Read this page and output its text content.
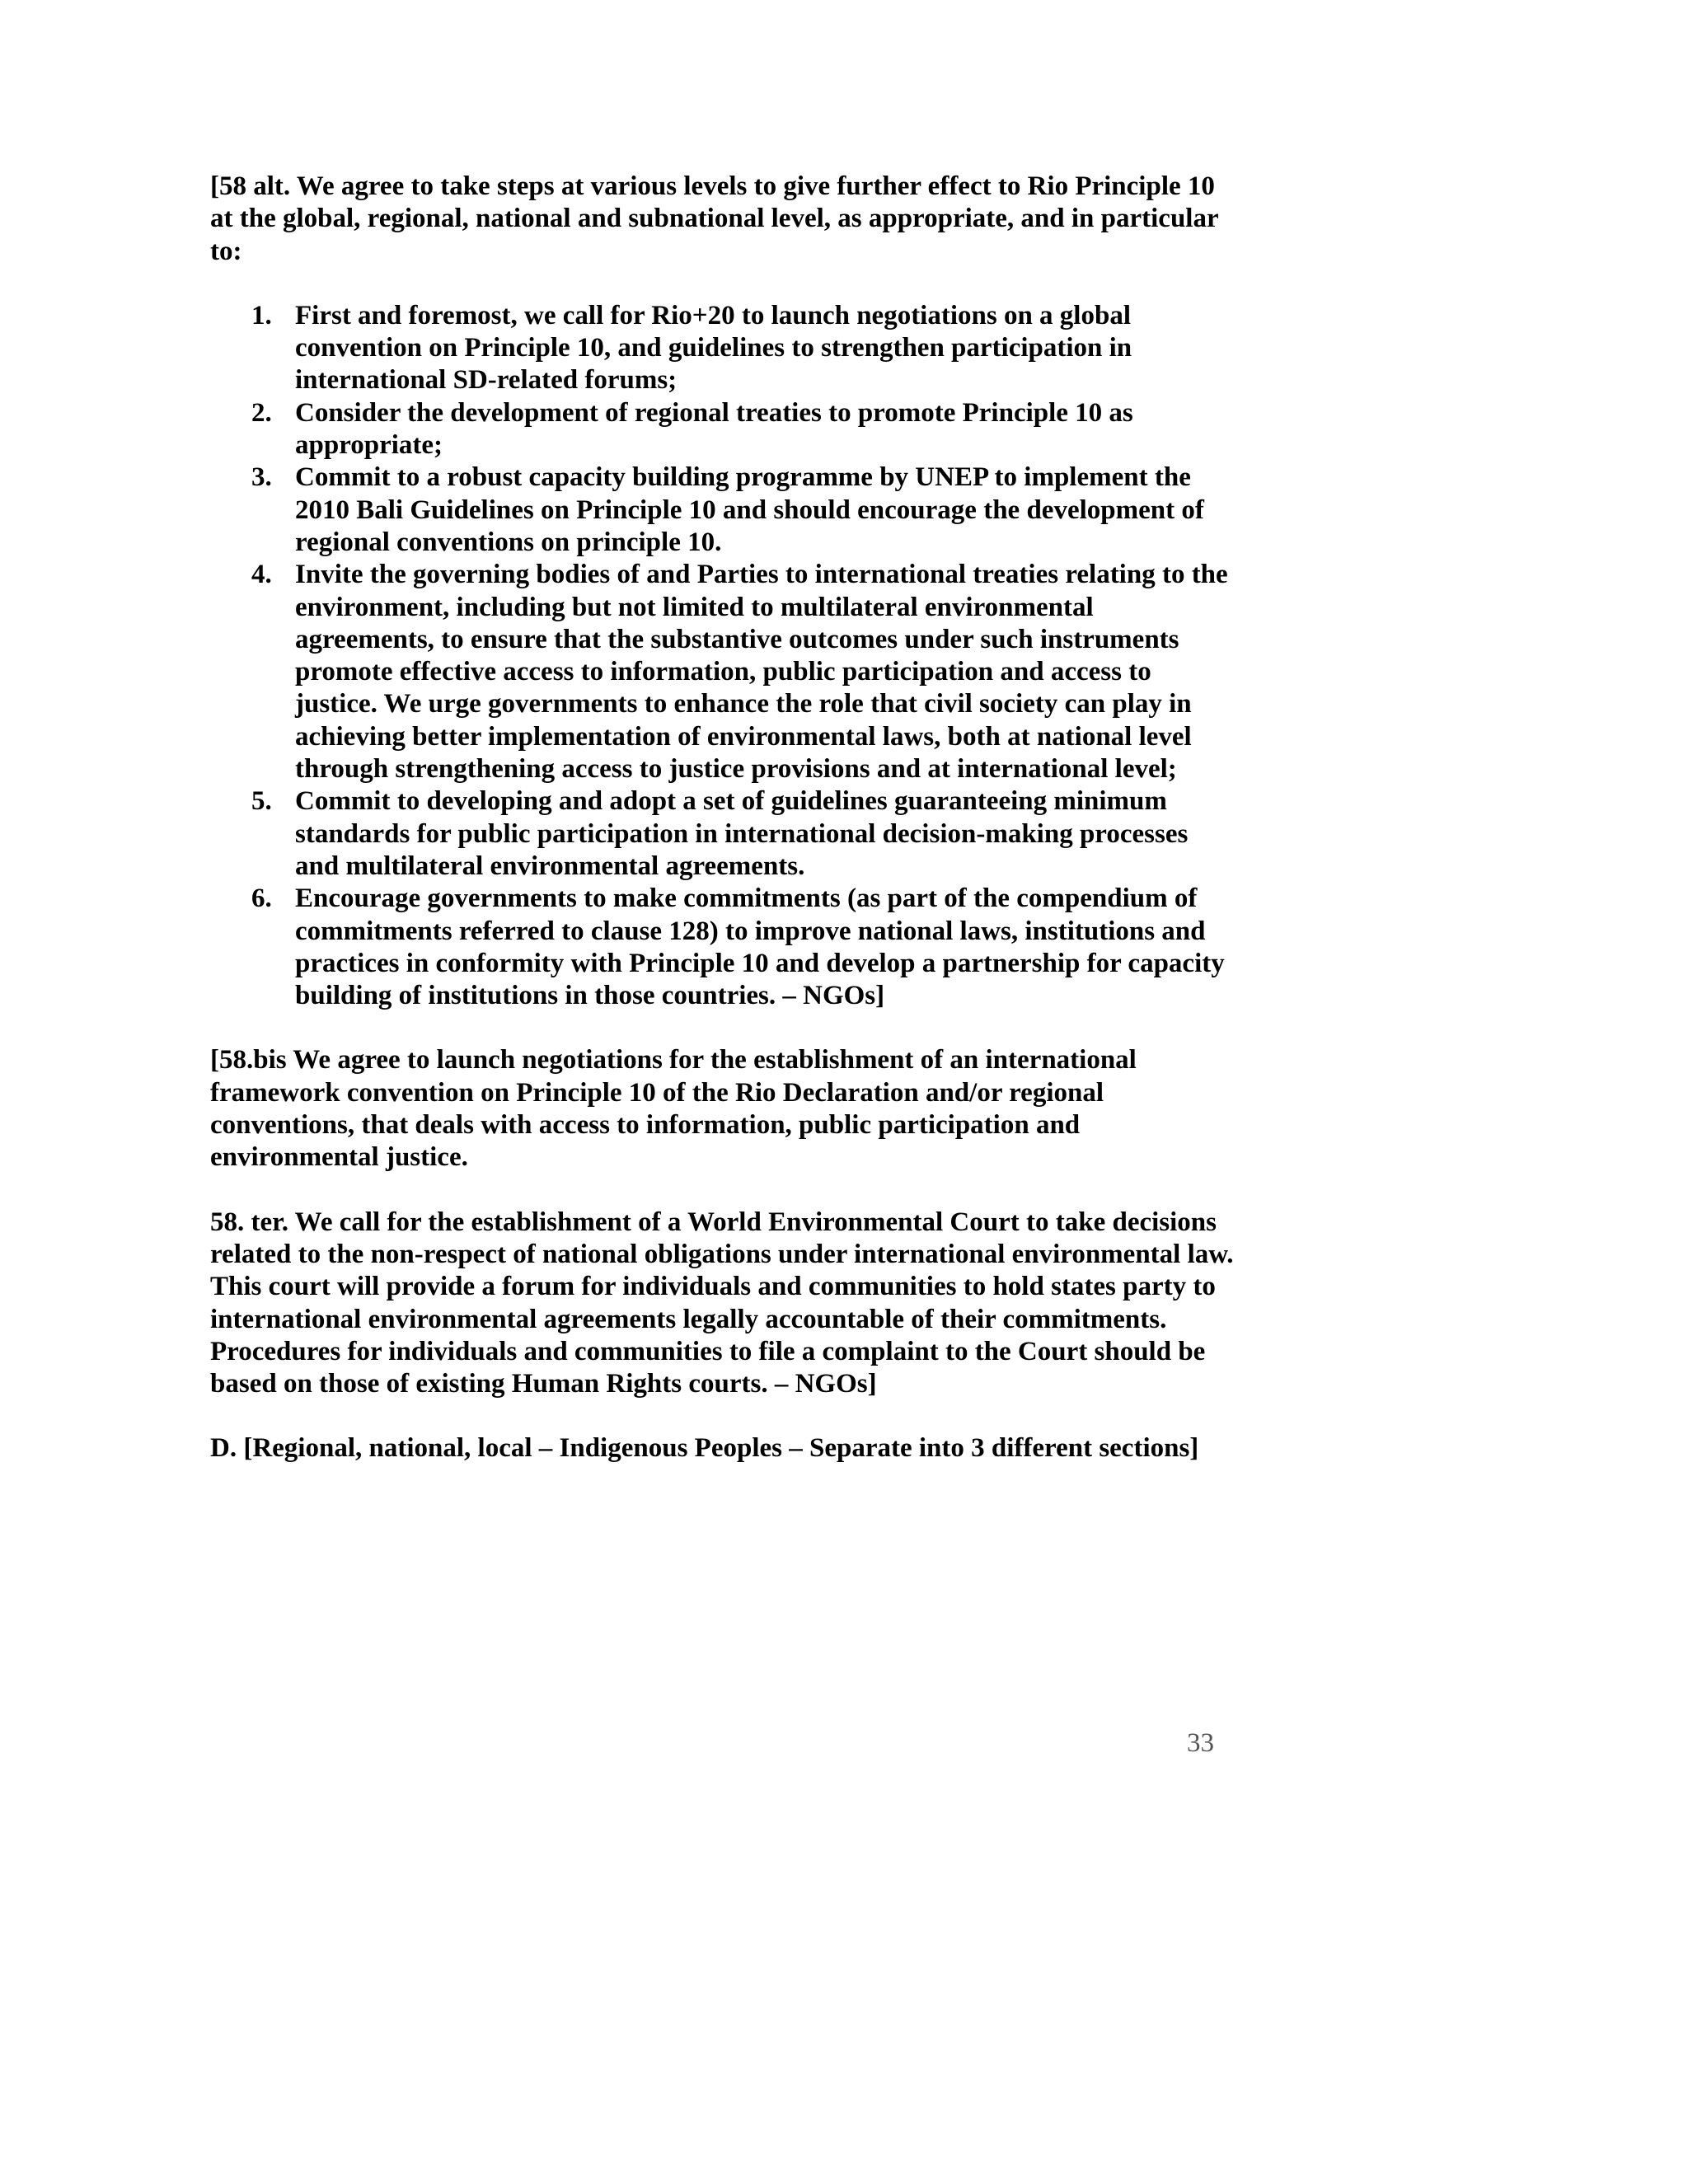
[58 alt. We agree to take steps at various levels to give further effect to Rio Principle 10 at the global, regional, national and subnational level, as appropriate, and in particular to:

1. First and foremost, we call for Rio+20 to launch negotiations on a global convention on Principle 10, and guidelines to strengthen participation in international SD-related forums;
2. Consider the development of regional treaties to promote Principle 10 as appropriate;
3. Commit to a robust capacity building programme by UNEP to implement the 2010 Bali Guidelines on Principle 10 and should encourage the development of regional conventions on principle 10.
4. Invite the governing bodies of and Parties to international treaties relating to the environment, including but not limited to multilateral environmental agreements, to ensure that the substantive outcomes under such instruments promote effective access to information, public participation and access to justice. We urge governments to enhance the role that civil society can play in achieving better implementation of environmental laws, both at national level through strengthening access to justice provisions and at international level;
5. Commit to developing and adopt a set of guidelines guaranteeing minimum standards for public participation in international decision-making processes and multilateral environmental agreements.
6. Encourage governments to make commitments (as part of the compendium of commitments referred to clause 128) to improve national laws, institutions and practices in conformity with Principle 10 and develop a partnership for capacity building of institutions in those countries. – NGOs]

[58.bis We agree to launch negotiations for the establishment of an international framework convention on Principle 10 of the Rio Declaration and/or regional conventions, that deals with access to information, public participation and environmental justice.

58. ter. We call for the establishment of a World Environmental Court to take decisions related to the non-respect of national obligations under international environmental law. This court will provide a forum for individuals and communities to hold states party to international environmental agreements legally accountable of their commitments. Procedures for individuals and communities to file a complaint to the Court should be based on those of existing Human Rights courts. – NGOs]

D. [Regional, national, local – Indigenous Peoples – Separate into 3 different sections]

33
